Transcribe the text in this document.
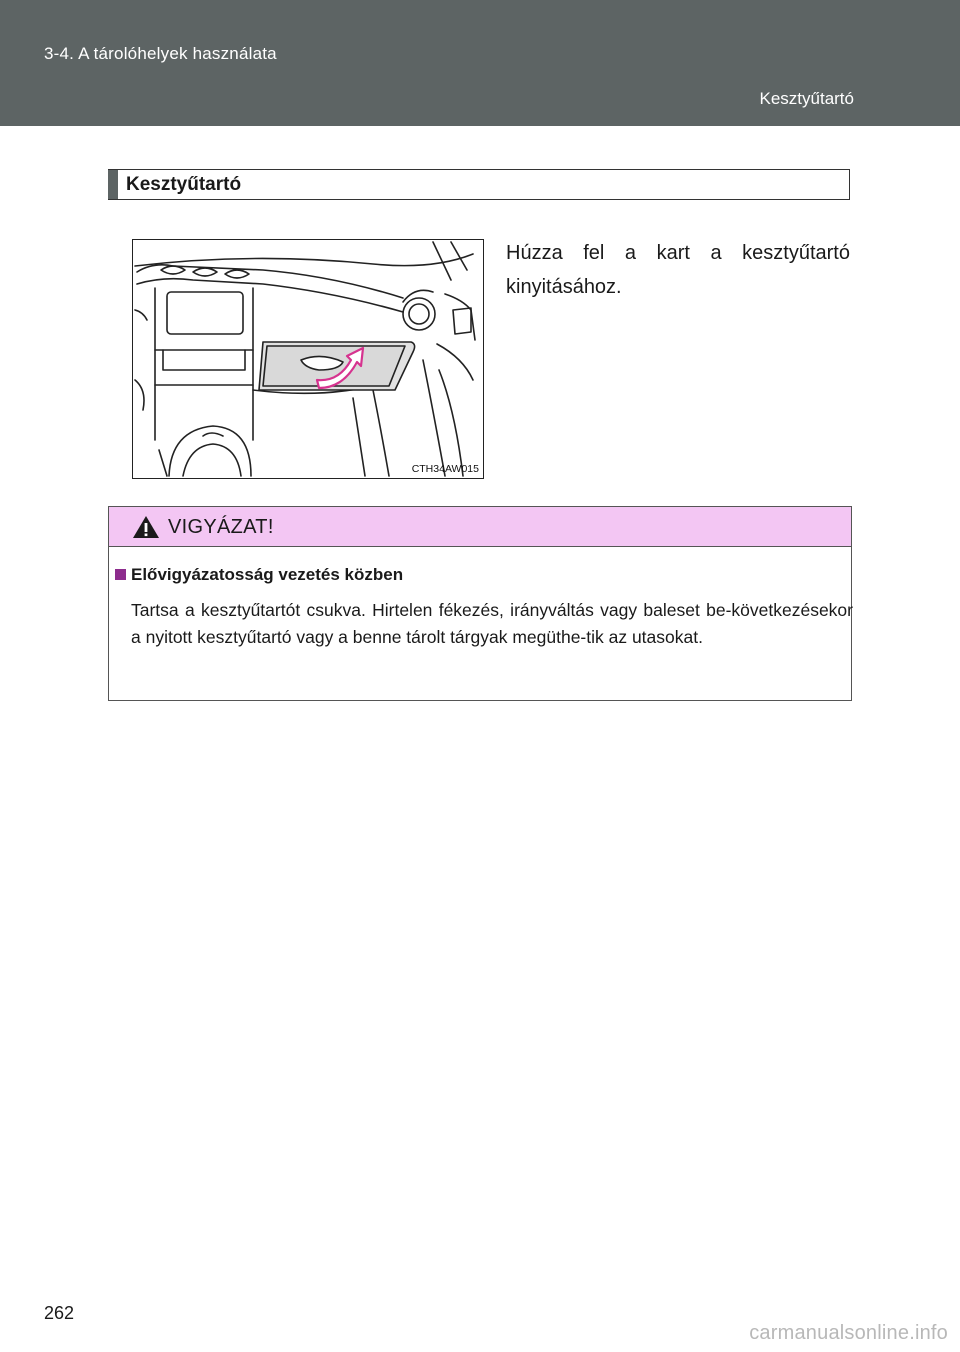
3-4. A tárolóhelyek használata
Kesztyűtartó
Kesztyűtartó
CTH34AW015
Húzza fel a kart a kesztyűtartó kinyitásához.
VIGYÁZAT!
Elővigyázatosság vezetés közben
Tartsa a kesztyűtartót csukva. Hirtelen fékezés, irányváltás vagy baleset be-következésekor a nyitott kesztyűtartó vagy a benne tárolt tárgyak megüthe-tik az utasokat.
262
carmanualsonline.info
